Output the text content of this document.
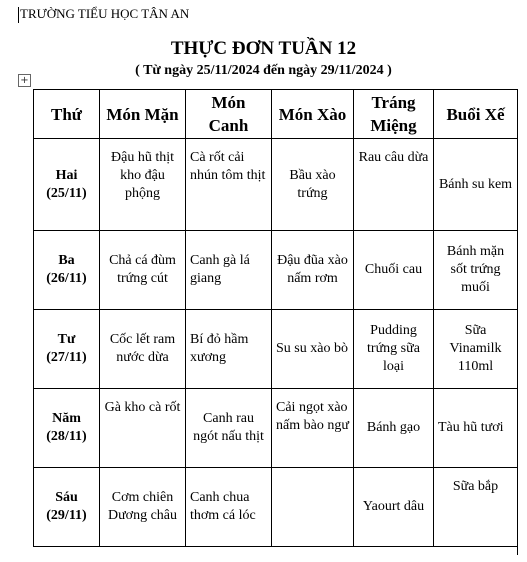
TRƯỜNG TIỂU HỌC TÂN AN
THỰC ĐƠN TUẦN 12
( Từ ngày 25/11/2024 đến ngày 29/11/2024 )
+
Thứ	Món Mặn	Món Canh	Món Xào	Tráng Miệng	Buổi Xế

Hai
(25/11)	Đậu hũ thịt kho đậu phộng	Cà rốt cải nhún tôm thịt	Bầu xào trứng	Rau câu dừa	Bánh su kem

Ba
(26/11)	Chả cá đùm trứng cút	Canh gà lá giang	Đậu đũa xào nấm rơm	Chuối cau	Bánh mặn sốt trứng muối

Tư
(27/11)	Cốc lết ram nước dừa	Bí đỏ hầm xương	Su su xào bò	Pudding trứng sữa loại	Sữa Vinamilk 110ml

Năm
(28/11)	Gà kho cà rốt	Canh rau ngót nấu thịt	Cải ngọt xào nấm bào ngư	Bánh gạo	Tàu hũ tươi

Sáu
(29/11)	Cơm chiên Dương châu	Canh chua thơm cá lóc		Yaourt dâu	Sữa bắp
